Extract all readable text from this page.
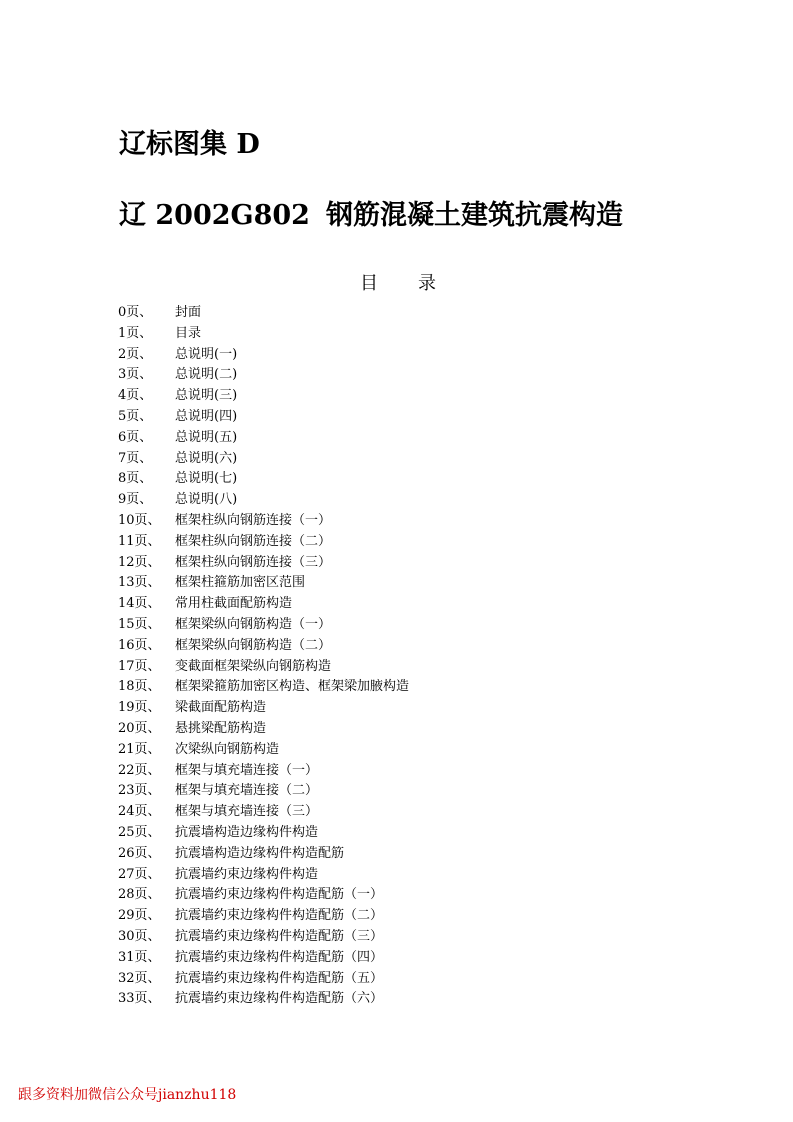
辽标图集 D
辽 2002G802 钢筋混凝土建筑抗震构造
目 录
0页、 封面
1页、 目录
2页、 总说明(一)
3页、 总说明(二)
4页、 总说明(三)
5页、 总说明(四)
6页、 总说明(五)
7页、 总说明(六)
8页、 总说明(七)
9页、 总说明(八)
10页、 框架柱纵向钢筋连接（一）
11页、 框架柱纵向钢筋连接（二）
12页、 框架柱纵向钢筋连接（三）
13页、 框架柱箍筋加密区范围
14页、 常用柱截面配筋构造
15页、 框架梁纵向钢筋构造（一）
16页、 框架梁纵向钢筋构造（二）
17页、 变截面框架梁纵向钢筋构造
18页、 框架梁箍筋加密区构造、框架梁加腋构造
19页、 梁截面配筋构造
20页、 悬挑梁配筋构造
21页、 次梁纵向钢筋构造
22页、 框架与填充墙连接（一）
23页、 框架与填充墙连接（二）
24页、 框架与填充墙连接（三）
25页、 抗震墙构造边缘构件构造
26页、 抗震墙构造边缘构件构造配筋
27页、 抗震墙约束边缘构件构造
28页、 抗震墙约束边缘构件构造配筋（一）
29页、 抗震墙约束边缘构件构造配筋（二）
30页、 抗震墙约束边缘构件构造配筋（三）
31页、 抗震墙约束边缘构件构造配筋（四）
32页、 抗震墙约束边缘构件构造配筋（五）
33页、 抗震墙约束边缘构件构造配筋（六）
跟多资料加微信公众号jianzhu118
